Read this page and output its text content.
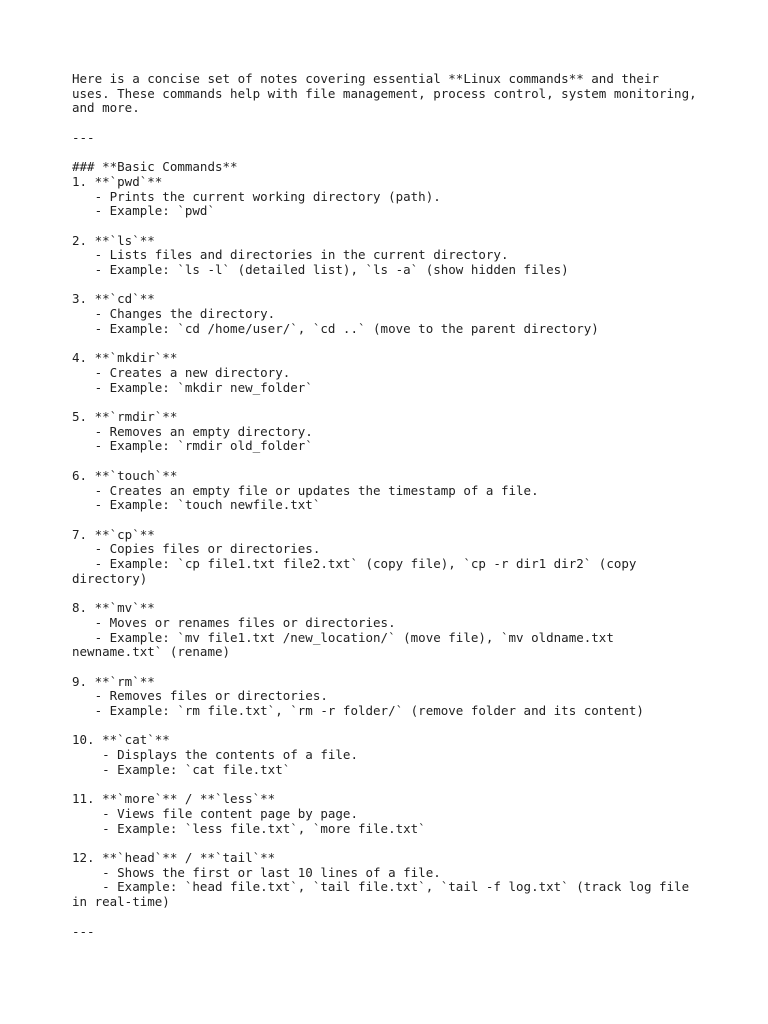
Here is a concise set of notes covering essential **Linux commands** and their
uses. These commands help with file management, process control, system monitoring,
and more.
---
### **Basic Commands**
1. **`pwd`**
- Prints the current working directory (path).
- Example: `pwd`
2. **`ls`**
- Lists files and directories in the current directory.
- Example: `ls -l` (detailed list), `ls -a` (show hidden files)
3. **`cd`**
- Changes the directory.
- Example: `cd /home/user/`, `cd ..` (move to the parent directory)
4. **`mkdir`**
- Creates a new directory.
- Example: `mkdir new_folder`
5. **`rmdir`**
- Removes an empty directory.
- Example: `rmdir old_folder`
6. **`touch`**
- Creates an empty file or updates the timestamp of a file.
- Example: `touch newfile.txt`
7. **`cp`**
- Copies files or directories.
- Example: `cp file1.txt file2.txt` (copy file), `cp -r dir1 dir2` (copy
directory)
8. **`mv`**
- Moves or renames files or directories.
- Example: `mv file1.txt /new_location/` (move file), `mv oldname.txt
newname.txt` (rename)
9. **`rm`**
- Removes files or directories.
- Example: `rm file.txt`, `rm -r folder/` (remove folder and its content)
10. **`cat`**
- Displays the contents of a file.
- Example: `cat file.txt`
11. **`more`** / **`less`**
- Views file content page by page.
- Example: `less file.txt`, `more file.txt`
12. **`head`** / **`tail`**
- Shows the first or last 10 lines of a file.
- Example: `head file.txt`, `tail file.txt`, `tail -f log.txt` (track log file
in real-time)
---
